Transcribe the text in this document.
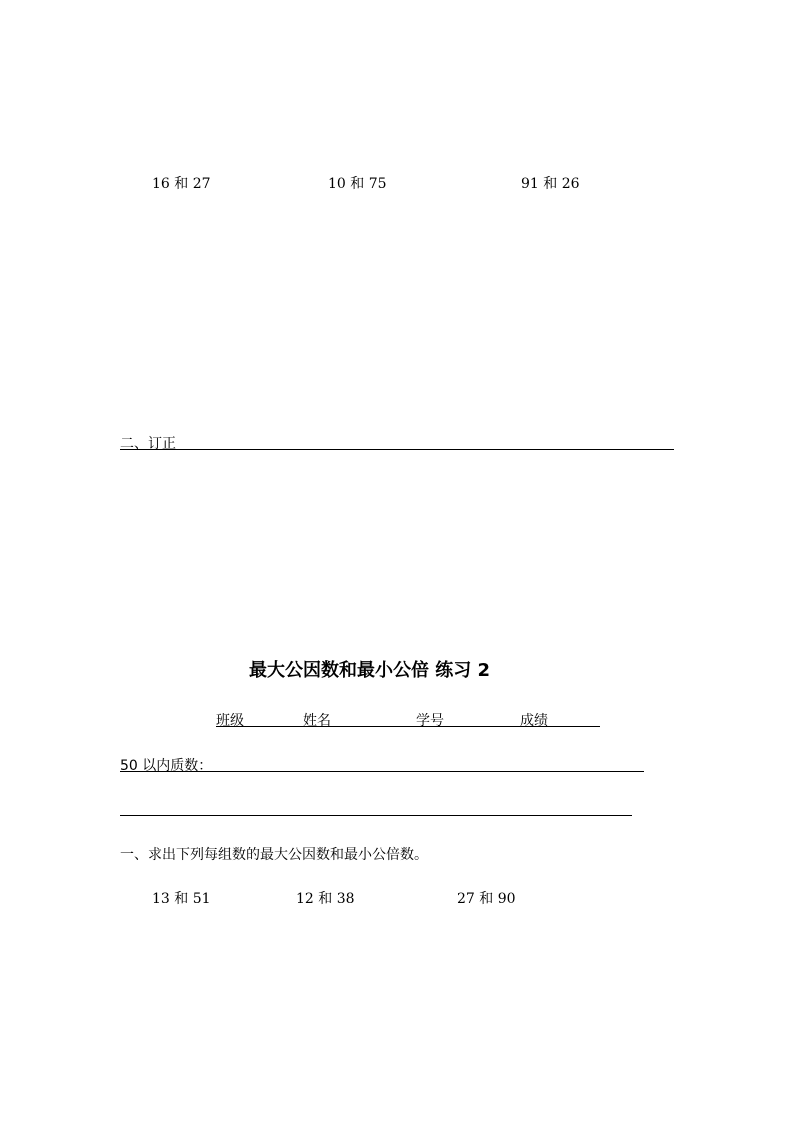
16 和 27	10 和 75	91 和 26
二、订正
最大公因数和最小公倍 练习 2
班级	姓名	学号	成绩
50 以内质数：
一、求出下列每组数的最大公因数和最小公倍数。
13 和 51	12 和 38	27 和 90
